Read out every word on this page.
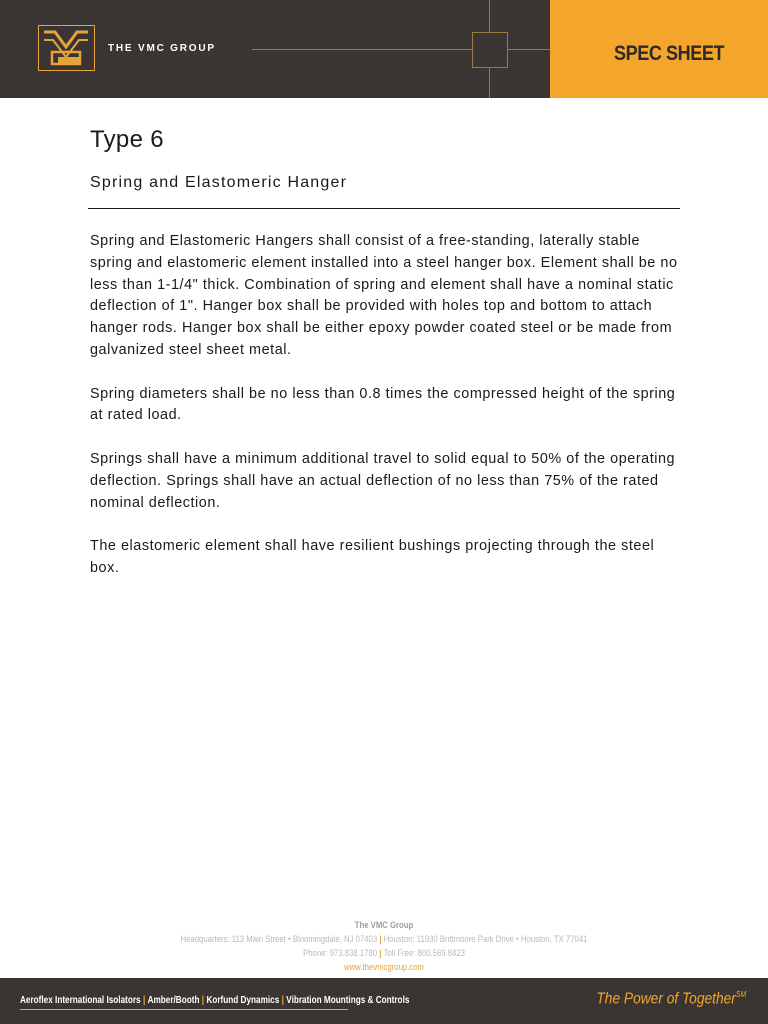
SPEC SHEET
THE VMC GROUP
Type 6
Spring and Elastomeric Hanger

Spring and Elastomeric Hangers shall consist of a free-standing, laterally stable spring and elastomeric element installed into a steel hanger box. Element shall be no less than 1-1/4" thick. Combination of spring and element shall have a nominal static deflection of 1". Hanger box shall be provided with holes top and bottom to attach hanger rods. Hanger box shall be either epoxy powder coated steel or be made from galvanized steel sheet metal.

Spring diameters shall be no less than 0.8 times the compressed height of the spring at rated load.

Springs shall have a minimum additional travel to solid equal to 50% of the operating deflection. Springs shall have an actual deflection of no less than 75% of the rated nominal deflection.

The elastomeric element shall have resilient bushings projecting through the steel box.

The VMC Group
Headquarters: 113 Main Street • Bloomingdale, NJ 07403 | Houston: 11930 Brittmoore Park Drive • Houston, TX 77041
Phone: 973.838.1780 | Toll Free: 800.569.8423
www.thevmcgroup.com
Aeroflex International Isolators | Amber/Booth | Korfund Dynamics | Vibration Mountings & Controls	The Power of Together℠
